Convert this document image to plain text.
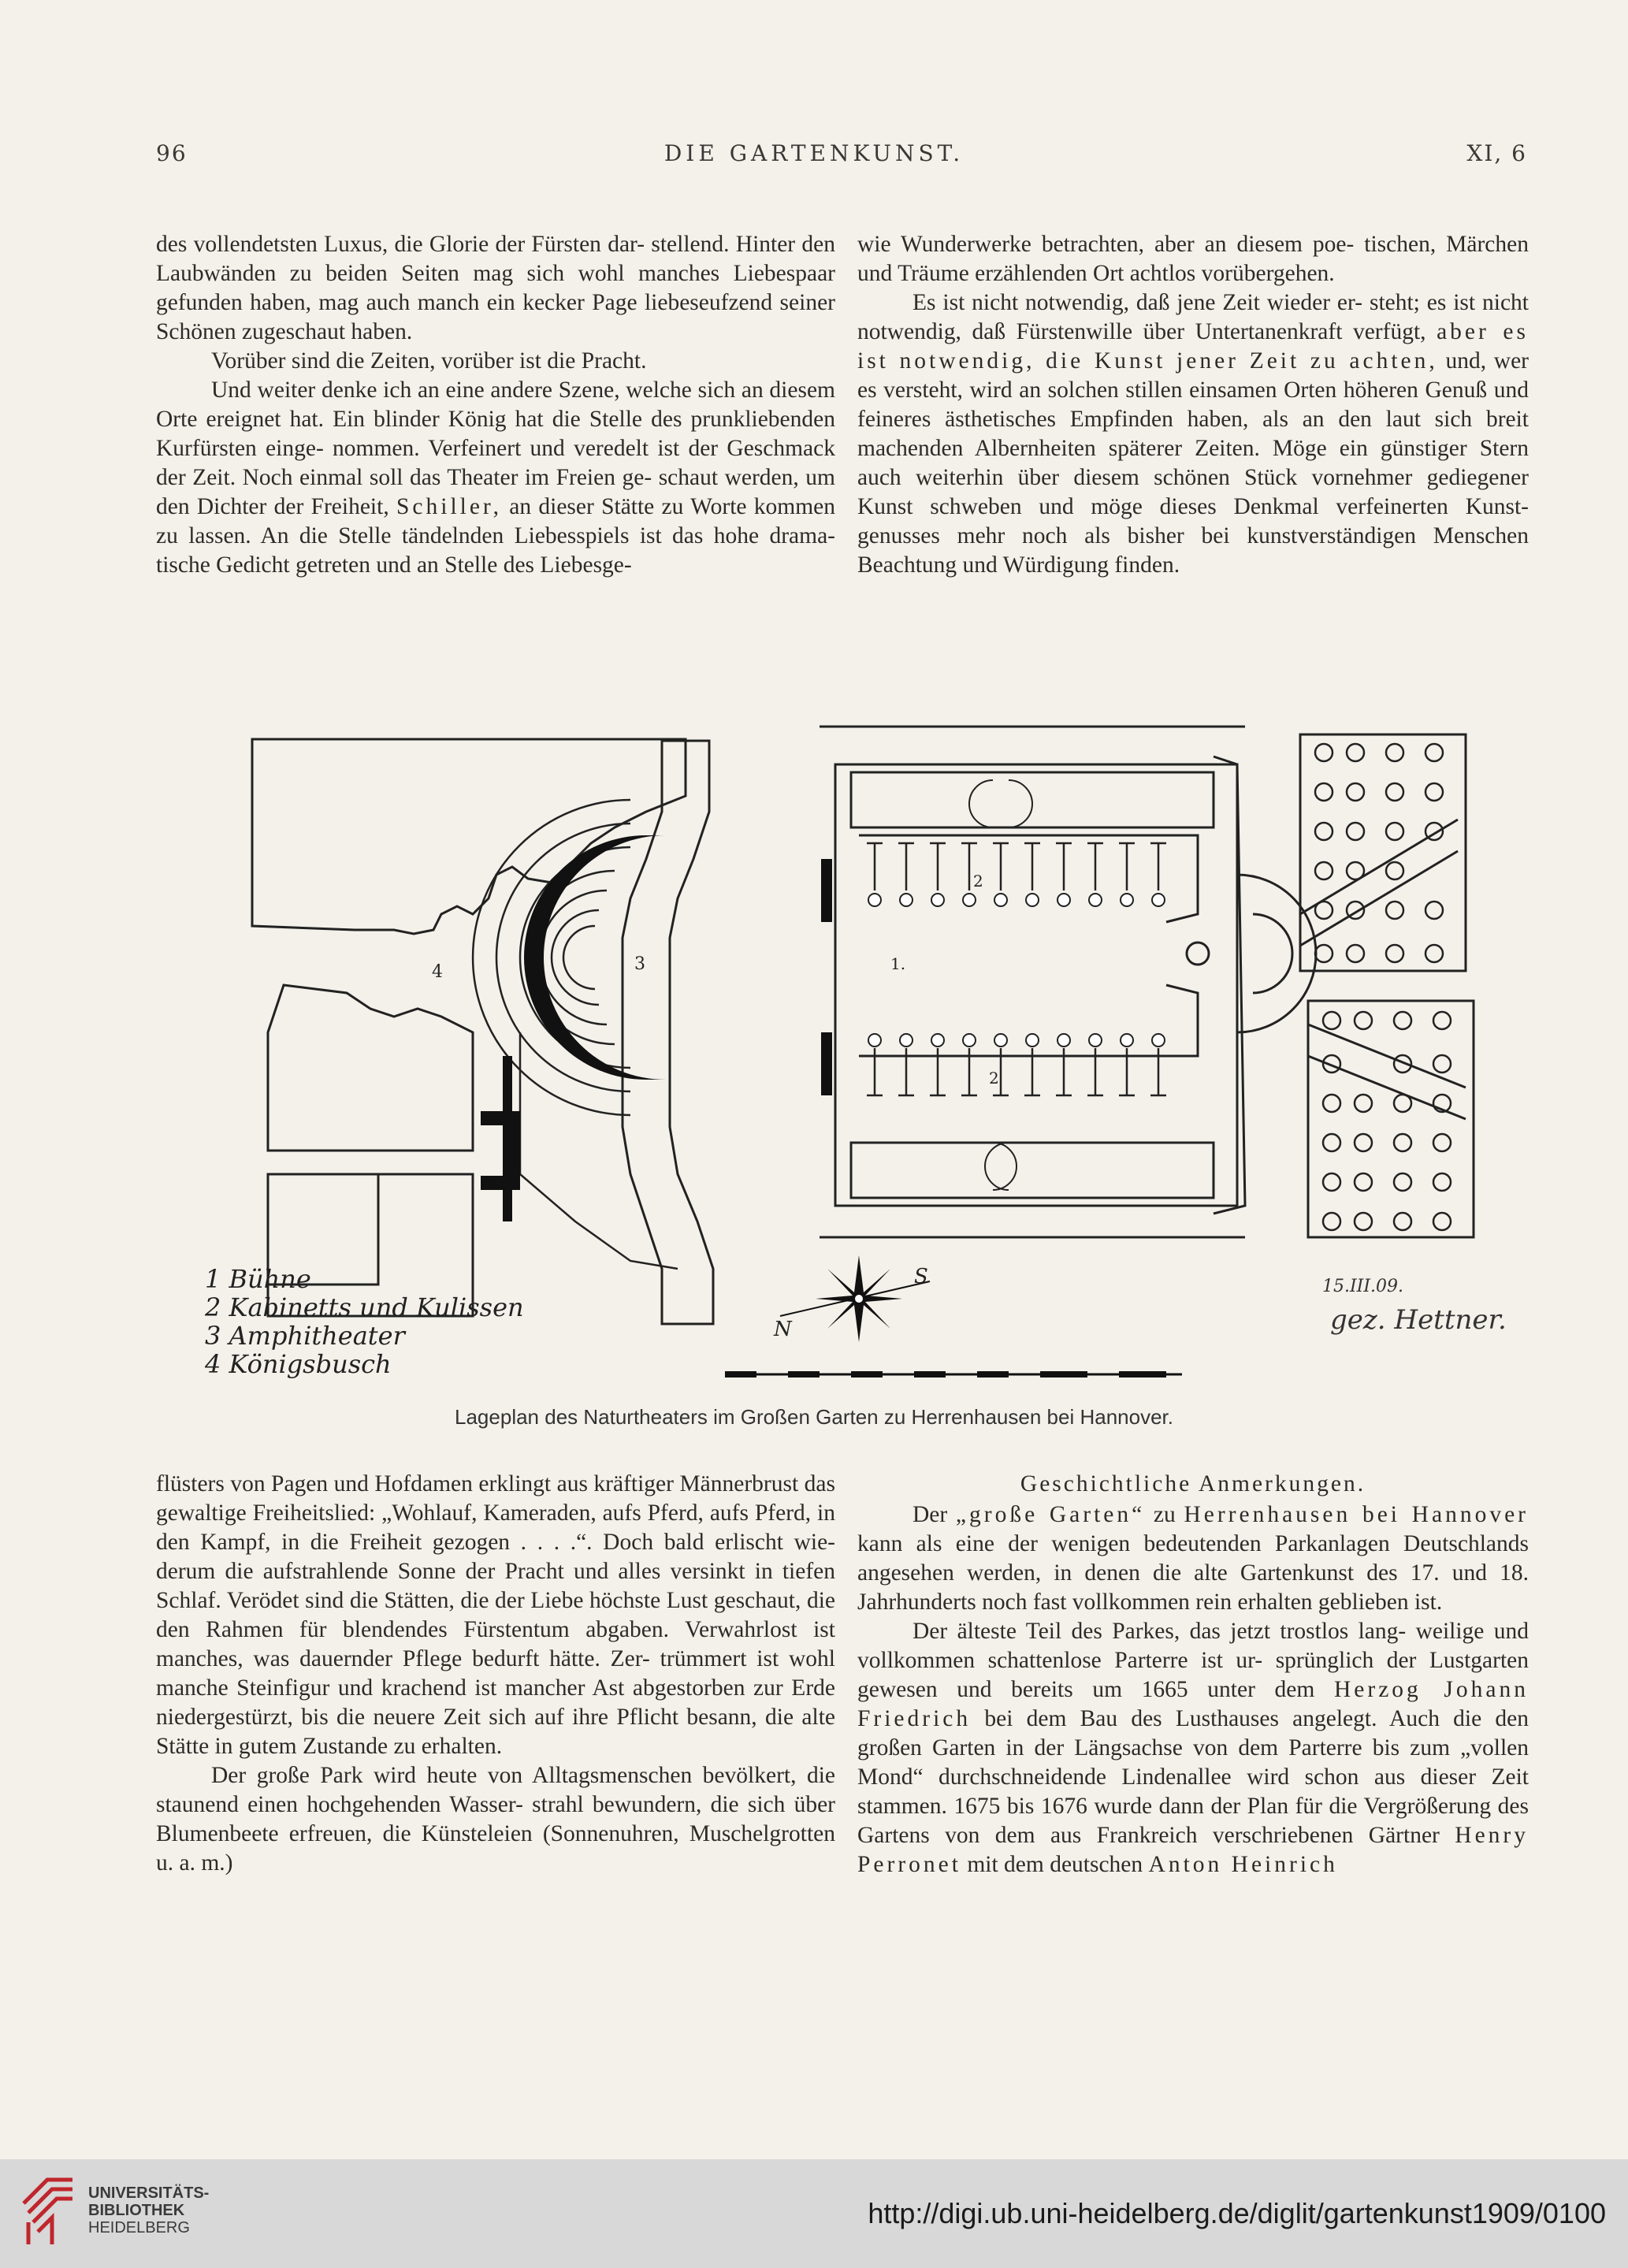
96	DIE GARTENKUNST.	XI, 6

des vollendetsten Luxus, die Glorie der Fürsten dar- stellend. Hinter den Laubwänden zu beiden Seiten mag sich wohl manches Liebespaar gefunden haben, mag auch manch ein kecker Page liebeseufzend seiner Schönen zugeschaut haben.

Vorüber sind die Zeiten, vorüber ist die Pracht.

Und weiter denke ich an eine andere Szene, welche sich an diesem Orte ereignet hat. Ein blinder König hat die Stelle des prunkliebenden Kurfürsten einge- nommen. Verfeinert und veredelt ist der Geschmack der Zeit. Noch einmal soll das Theater im Freien ge- schaut werden, um den Dichter der Freiheit, Schiller, an dieser Stätte zu Worte kommen zu lassen. An die Stelle tändelnden Liebesspiels ist das hohe drama- tische Gedicht getreten und an Stelle des Liebesge-

wie Wunderwerke betrachten, aber an diesem poe- tischen, Märchen und Träume erzählenden Ort achtlos vorübergehen.

Es ist nicht notwendig, daß jene Zeit wieder er- steht; es ist nicht notwendig, daß Fürstenwille über Untertanenkraft verfügt, aber es ist notwendig, die Kunst jener Zeit zu achten, und, wer es versteht, wird an solchen stillen einsamen Orten höheren Genuß und feineres ästhetisches Empfinden haben, als an den laut sich breit machenden Albernheiten späterer Zeiten. Möge ein günstiger Stern auch weiterhin über diesem schönen Stück vornehmer gediegener Kunst schweben und möge dieses Denkmal verfeinerten Kunst- genusses mehr noch als bisher bei kunstverständigen Menschen Beachtung und Würdigung finden.

4	3
2
1.
2
N
S
1 Bühne
2 Kabinetts und Kulissen
3 Amphitheater
4 Königsbusch
15.III.09.
gez. Hettner.
Lageplan des Naturtheaters im Großen Garten zu Herrenhausen bei Hannover.

flüsters von Pagen und Hofdamen erklingt aus kräftiger Männerbrust das gewaltige Freiheitslied: „Wohlauf, Kameraden, aufs Pferd, aufs Pferd, in den Kampf, in die Freiheit gezogen . . . .“. Doch bald erlischt wie- derum die aufstrahlende Sonne der Pracht und alles versinkt in tiefen Schlaf. Verödet sind die Stätten, die der Liebe höchste Lust geschaut, die den Rahmen für blendendes Fürstentum abgaben. Verwahrlost ist manches, was dauernder Pflege bedurft hätte. Zer- trümmert ist wohl manche Steinfigur und krachend ist mancher Ast abgestorben zur Erde niedergestürzt, bis die neuere Zeit sich auf ihre Pflicht besann, die alte Stätte in gutem Zustande zu erhalten.

Der große Park wird heute von Alltagsmenschen bevölkert, die staunend einen hochgehenden Wasser- strahl bewundern, die sich über Blumenbeete erfreuen, die Künsteleien (Sonnenuhren, Muschelgrotten u. a. m.)

Geschichtliche Anmerkungen.

Der „große Garten“ zu Herrenhausen bei Hannover kann als eine der wenigen bedeutenden Parkanlagen Deutschlands angesehen werden, in denen die alte Gartenkunst des 17. und 18. Jahrhunderts noch fast vollkommen rein erhalten geblieben ist.

Der älteste Teil des Parkes, das jetzt trostlos lang- weilige und vollkommen schattenlose Parterre ist ur- sprünglich der Lustgarten gewesen und bereits um 1665 unter dem Herzog Johann Friedrich bei dem Bau des Lusthauses angelegt. Auch die den großen Garten in der Längsachse von dem Parterre bis zum „vollen Mond“ durchschneidende Lindenallee wird schon aus dieser Zeit stammen. 1675 bis 1676 wurde dann der Plan für die Vergrößerung des Gartens von dem aus Frankreich verschriebenen Gärtner Henry Perronet mit dem deutschen Anton Heinrich

UNIVERSITÄTS-
BIBLIOTHEK
HEIDELBERG	http://digi.ub.uni-heidelberg.de/diglit/gartenkunst1909/0100
